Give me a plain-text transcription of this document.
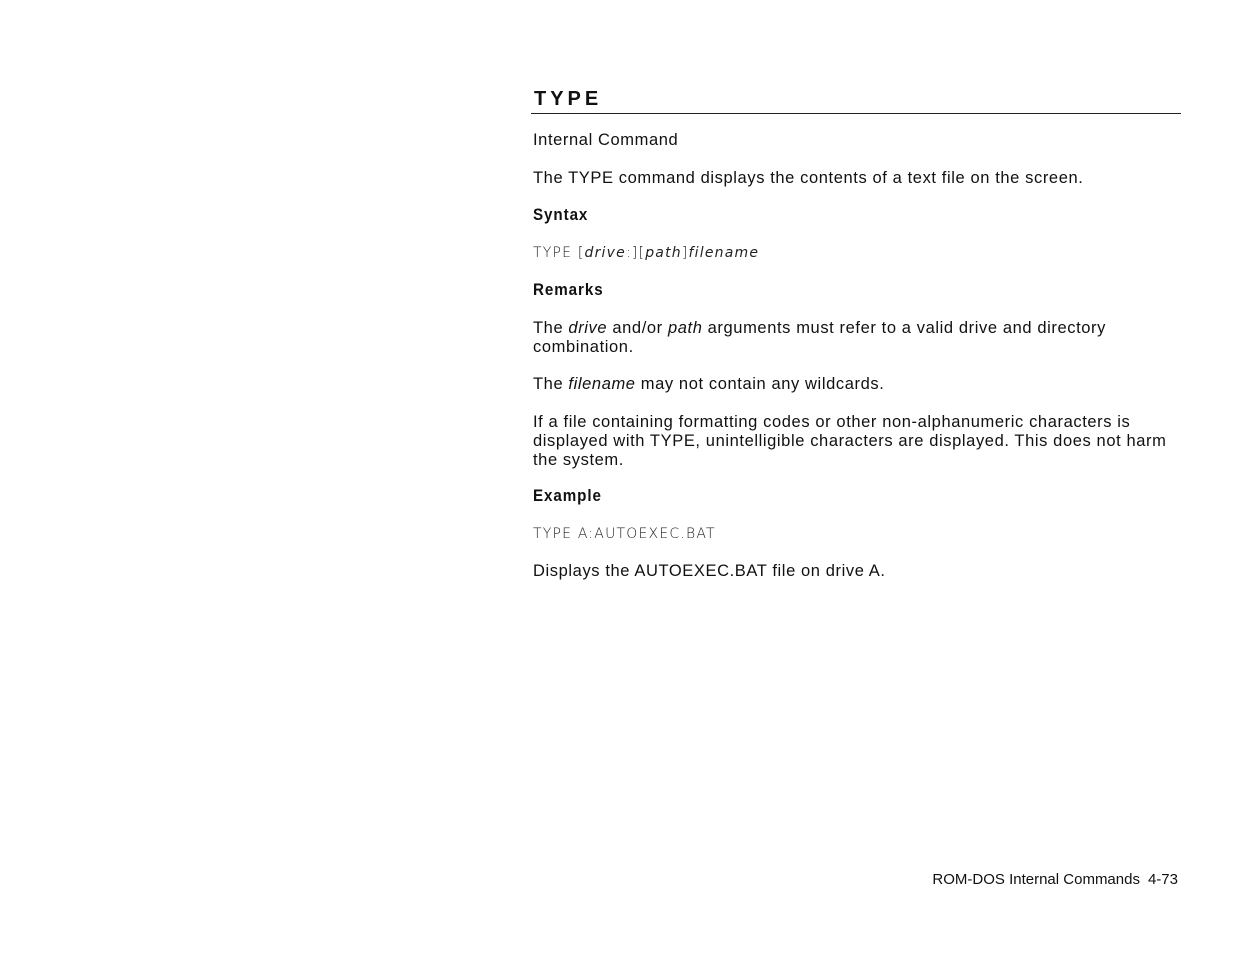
TYPE

Internal Command

The TYPE command displays the contents of a text file on the screen.

Syntax

TYPE [drive:][path]filename

Remarks

The drive and/or path arguments must refer to a valid drive and directory combination.

The filename may not contain any wildcards.

If a file containing formatting codes or other non-alphanumeric characters is displayed with TYPE, unintelligible characters are displayed. This does not harm the system.

Example

TYPE A:AUTOEXEC.BAT

Displays the AUTOEXEC.BAT file on drive A.

ROM-DOS Internal Commands 4-73
